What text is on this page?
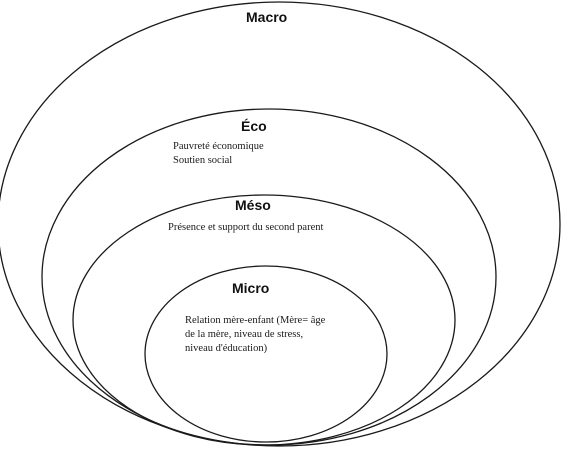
Macro
Éco
Pauvreté économique
Soutien social
Méso
Présence et support du second parent
Micro
Relation mère-enfant (Mère= âge
de la mère, niveau de stress,
niveau d'éducation)
